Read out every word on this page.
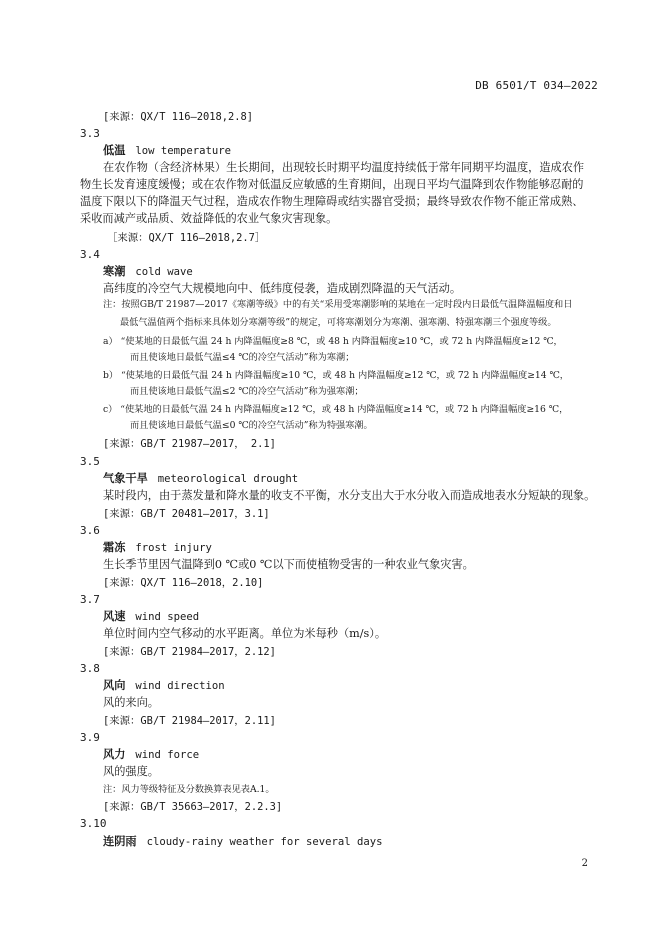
DB 6501/T 034—2022
[来源：QX/T 116—2018,2.8]
3.3
低温 low temperature
在农作物（含经济林果）生长期间，出现较长时期平均温度持续低于常年同期平均温度，造成农作
物生长发育速度缓慢；或在农作物对低温反应敏感的生育期间，出现日平均气温降到农作物能够忍耐的
温度下限以下的降温天气过程，造成农作物生理障碍或结实器官受损；最终导致农作物不能正常成熟、
采收而减产或品质、效益降低的农业气象灾害现象。
［来源：QX/T 116—2018,2.7］
3.4
寒潮 cold wave
高纬度的冷空气大规模地向中、低纬度侵袭，造成剧烈降温的天气活动。
注：按照GB/T 21987—2017《寒潮等级》中的有关“采用受寒潮影响的某地在一定时段内日最低气温降温幅度和日
最低气温值两个指标来具体划分寒潮等级”的规定，可将寒潮划分为寒潮、强寒潮、特强寒潮三个强度等级。
a） “使某地的日最低气温 24 h 内降温幅度≥8 ℃，或 48 h 内降温幅度≥10 ℃，或 72 h 内降温幅度≥12 ℃，
而且使该地日最低气温≤4 ℃的冷空气活动”称为寒潮；
b） “使某地的日最低气温 24 h 内降温幅度≥10 ℃，或 48 h 内降温幅度≥12 ℃，或 72 h 内降温幅度≥14 ℃，
而且使该地日最低气温≤2 ℃的冷空气活动”称为强寒潮；
c） “使某地的日最低气温 24 h 内降温幅度≥12 ℃，或 48 h 内降温幅度≥14 ℃，或 72 h 内降温幅度≥16 ℃，
而且使该地日最低气温≤0 ℃的冷空气活动”称为特强寒潮。
[来源：GB/T 21987—2017， 2.1]
3.5
气象干旱 meteorological drought
某时段内，由于蒸发量和降水量的收支不平衡，水分支出大于水分收入而造成地表水分短缺的现象。
[来源：GB/T 20481—2017，3.1]
3.6
霜冻 frost injury
生长季节里因气温降到0 ℃或0 ℃以下而使植物受害的一种农业气象灾害。
[来源：QX/T 116—2018，2.10]
3.7
风速 wind speed
单位时间内空气移动的水平距离。单位为米每秒（m/s）。
[来源：GB/T 21984—2017，2.12]
3.8
风向 wind direction
风的来向。
[来源：GB/T 21984—2017，2.11]
3.9
风力 wind force
风的强度。
注：风力等级特征及分数换算表见表A.1。
[来源：GB/T 35663—2017，2.2.3]
3.10
连阴雨 cloudy-rainy weather for several days
2
